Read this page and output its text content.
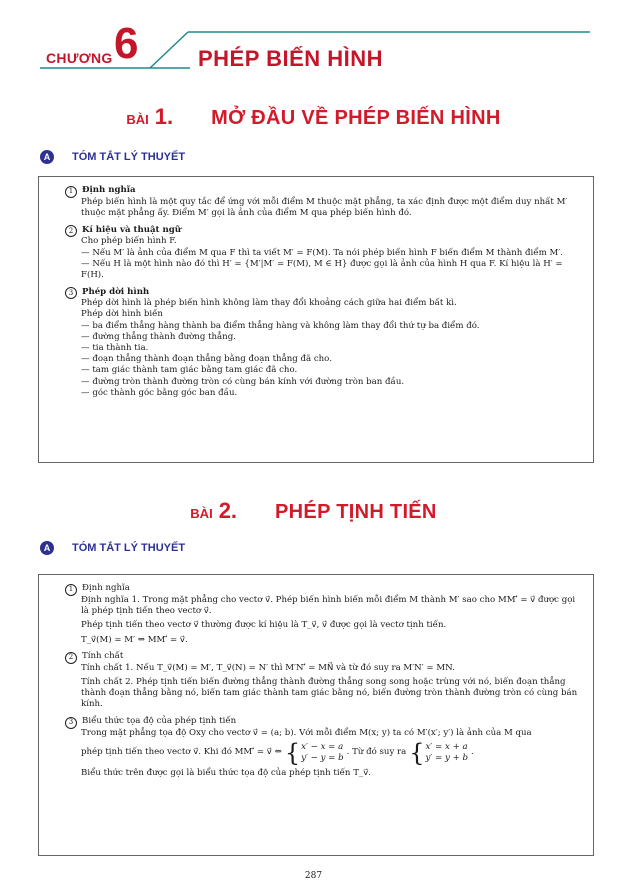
CHƯƠNG 6	PHÉP BIẾN HÌNH
BÀI 1. MỞ ĐẦU VỀ PHÉP BIẾN HÌNH
A	TÓM TẮT LÝ THUYẾT
1	Định nghĩa

Phép biến hình là một quy tắc để ứng với mỗi điểm M thuộc mặt phẳng, ta xác định được một điểm duy nhất M′ thuộc mặt phẳng ấy. Điểm M′ gọi là ảnh của điểm M qua phép biến hình đó.

2	Kí hiệu và thuật ngữ

Cho phép biến hình F.

— Nếu M′ là ảnh của điểm M qua F thì ta viết M′ = F(M). Ta nói phép biến hình F biến điểm M thành điểm M′.

— Nếu H là một hình nào đó thì H′ = {M′|M′ = F(M), M ∈ H} được gọi là ảnh của hình H qua F. Kí hiệu là H′ = F(H).

3	Phép dời hình

Phép dời hình là phép biến hình không làm thay đổi khoảng cách giữa hai điểm bất kì.

Phép dời hình biến

— ba điểm thẳng hàng thành ba điểm thẳng hàng và không làm thay đổi thứ tự ba điểm đó.

— đường thẳng thành đường thẳng.

— tia thành tia.

— đoạn thẳng thành đoạn thẳng bằng đoạn thẳng đã cho.

— tam giác thành tam giác bằng tam giác đã cho.

— đường tròn thành đường tròn có cùng bán kính với đường tròn ban đầu.

— góc thành góc bằng góc ban đầu.

BÀI 2. PHÉP TỊNH TIẾN
A	TÓM TẮT LÝ THUYẾT
1	Định nghĩa

Định nghĩa 1. Trong mặt phẳng cho vectơ v⃗. Phép biến hình biến mỗi điểm M thành M′ sao cho MM′⃗ = v⃗ được gọi là phép tịnh tiến theo vectơ v⃗.

Phép tịnh tiến theo vectơ v⃗ thường được kí hiệu là T_v⃗, v⃗ được gọi là vectơ tịnh tiến.

T_v⃗(M) = M′ ⇔ MM′⃗ = v⃗.

2	Tính chất

Tính chất 1. Nếu T_v⃗(M) = M′, T_v⃗(N) = N′ thì M′N′⃗ = MN⃗ và từ đó suy ra M′N′ = MN.

Tính chất 2. Phép tịnh tiến biến đường thẳng thành đường thẳng song song hoặc trùng với nó, biến đoạn thẳng thành đoạn thẳng bằng nó, biến tam giác thành tam giác bằng nó, biến đường tròn thành đường tròn có cùng bán kính.

3	Biểu thức tọa độ của phép tịnh tiến

Trong mặt phẳng tọa độ Oxy cho vectơ v⃗ = (a; b). Với mỗi điểm M(x; y) ta có M′(x′; y′) là ảnh của M qua

phép tịnh tiến theo vectơ v⃗. Khi đó MM′⃗ = v⃗ ⇔ { x′ − x = a
y′ − y = b
. Từ đó suy ra { x′ = x + a
y′ = y + b
.

Biểu thức trên được gọi là biểu thức tọa độ của phép tịnh tiến T_v⃗.

287
